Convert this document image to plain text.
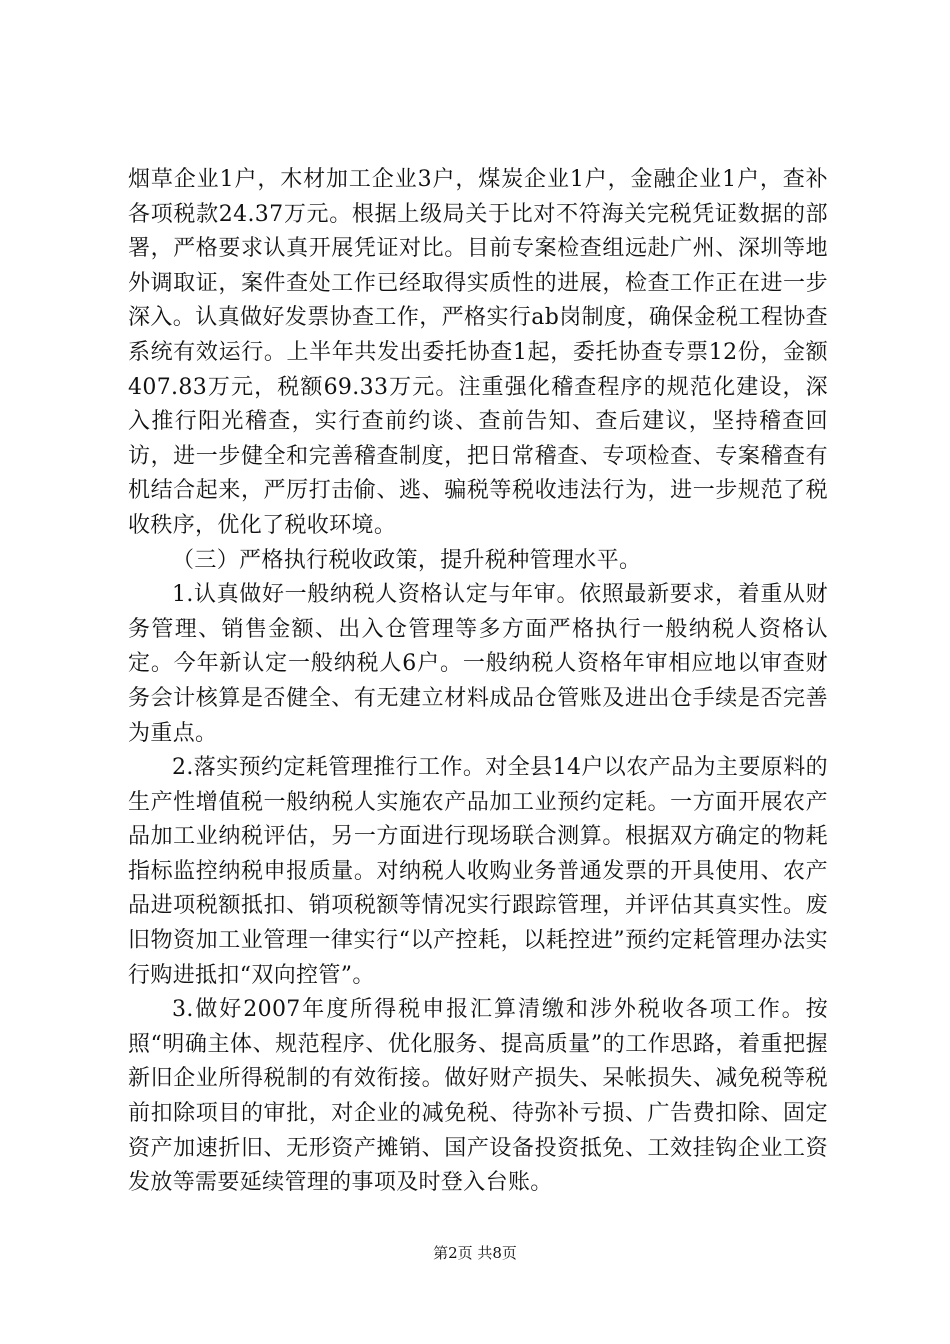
烟草企业1户，木材加工企业3户，煤炭企业1户，金融企业1户，查补各项税款24.37万元。根据上级局关于比对不符海关完税凭证数据的部署，严格要求认真开展凭证对比。目前专案检查组远赴广州、深圳等地外调取证，案件查处工作已经取得实质性的进展，检查工作正在进一步深入。认真做好发票协查工作，严格实行ab岗制度，确保金税工程协查系统有效运行。上半年共发出委托协查1起，委托协查专票12份，金额407.83万元，税额69.33万元。注重强化稽查程序的规范化建设，深入推行阳光稽查，实行查前约谈、查前告知、查后建议，坚持稽查回访，进一步健全和完善稽查制度，把日常稽查、专项检查、专案稽查有机结合起来，严厉打击偷、逃、骗税等税收违法行为，进一步规范了税收秩序，优化了税收环境。

（三）严格执行税收政策，提升税种管理水平。

1.认真做好一般纳税人资格认定与年审。依照最新要求，着重从财务管理、销售金额、出入仓管理等多方面严格执行一般纳税人资格认定。今年新认定一般纳税人6户。一般纳税人资格年审相应地以审查财务会计核算是否健全、有无建立材料成品仓管账及进出仓手续是否完善为重点。

2.落实预约定耗管理推行工作。对全县14户以农产品为主要原料的生产性增值税一般纳税人实施农产品加工业预约定耗。一方面开展农产品加工业纳税评估，另一方面进行现场联合测算。根据双方确定的物耗指标监控纳税申报质量。对纳税人收购业务普通发票的开具使用、农产品进项税额抵扣、销项税额等情况实行跟踪管理，并评估其真实性。废旧物资加工业管理一律实行“以产控耗，以耗控进”预约定耗管理办法实行购进抵扣“双向控管”。

3.做好2007年度所得税申报汇算清缴和涉外税收各项工作。按照“明确主体、规范程序、优化服务、提高质量”的工作思路，着重把握新旧企业所得税制的有效衔接。做好财产损失、呆帐损失、减免税等税前扣除项目的审批，对企业的减免税、待弥补亏损、广告费扣除、固定资产加速折旧、无形资产摊销、国产设备投资抵免、工效挂钩企业工资发放等需要延续管理的事项及时登入台账。

第2页 共8页
